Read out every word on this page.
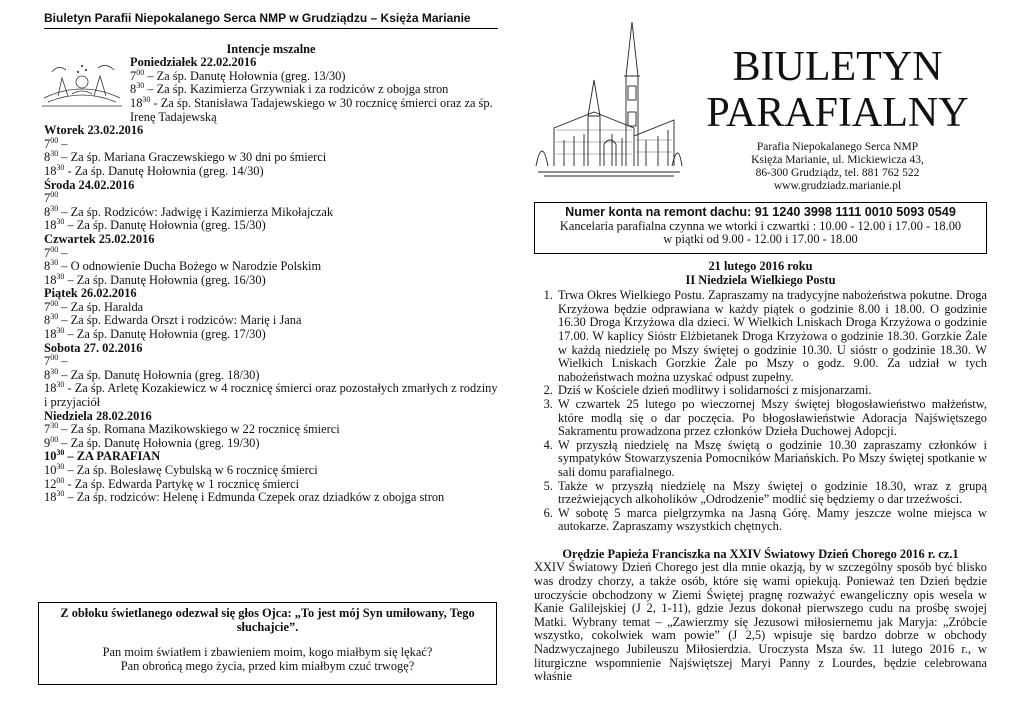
Biuletyn Parafii Niepokalanego Serca NMP w Grudziądzu – Księża Marianie
Intencje mszalne
Poniedziałek 22.02.2016
$7^{00}$ – Za śp. Danutę Hołownia (greg. 13/30)
$8^{30}$ – Za śp. Kazimierza Grzywniak i za rodziców z obojga stron
$18^{30}$ - Za śp. Stanisława Tadajewskiego w 30 rocznicę śmierci oraz za śp. Irenę Tadajewską
Wtorek 23.02.2016
$7^{00}$ –
$8^{30}$ – Za śp. Mariana Graczewskiego w 30 dni po śmierci
$18^{30}$ - Za śp. Danutę Hołownia (greg. 14/30)
Środa 24.02.2016
$7^{00}$
$8^{30}$ – Za śp. Rodziców: Jadwigę i Kazimierza Mikołajczak
$18^{30}$ – Za śp. Danutę Hołownia (greg. 15/30)
Czwartek 25.02.2016
$7^{00}$ –
$8^{30}$ – O odnowienie Ducha Bożego w Narodzie Polskim
$18^{30}$ – Za śp. Danutę Hołownia (greg. 16/30)
Piątek 26.02.2016
$7^{00}$ – Za śp. Haralda
$8^{30}$ – Za śp. Edwarda Orszt i rodziców: Marię i Jana
$18^{30}$ – Za śp. Danutę Hołownia (greg. 17/30)
Sobota 27. 02.2016
$7^{00}$ –
$8^{30}$ – Za śp. Danutę Hołownia (greg. 18/30)
$18^{30}$ - Za śp. Arletę Kozakiewicz w 4 rocznicę śmierci oraz pozostałych zmarłych z rodziny i przyjaciół
Niedziela 28.02.2016
$7^{30}$ – Za śp. Romana Mazikowskiego w 22 rocznicę śmierci
$9^{00}$ – Za śp. Danutę Hołownia (greg. 19/30)
$10^{30}$ – ZA PARAFIAN
$10^{30}$ – Za śp. Bolesławę Cybulską w 6 rocznicę śmierci
$12^{00}$ - Za śp. Edwarda Partykę w 1 rocznicę śmierci
$18^{30}$ – Za śp. rodziców: Helenę i Edmunda Czepek oraz dziadków z obojga stron
Z obłoku świetlanego odezwał się głos Ojca: „To jest mój Syn umiłowany, Tego słuchajcie”.
Pan moim światłem i zbawieniem moim, kogo miałbym się lękać?
Pan obrońcą mego życia, przed kim miałbym czuć trwogę?
BIULETYN
PARAFIALNY
Parafia Niepokalanego Serca NMP
Księża Marianie, ul. Mickiewicza 43,
86-300 Grudziądz, tel. 881 762 522
www.grudziadz.marianie.pl
Numer konta na remont dachu: 91 1240 3998 1111 0010 5093 0549
Kancelaria parafialna czynna we wtorki i czwartki : 10.00 - 12.00 i 17.00 - 18.00
w piątki od 9.00 - 12.00 i 17.00 - 18.00
21 lutego 2016 roku
II Niedziela Wielkiego Postu
1. Trwa Okres Wielkiego Postu. Zapraszamy na tradycyjne nabożeństwa pokutne. Droga Krzyżowa będzie odprawiana w każdy piątek o godzinie 8.00 i 18.00. O godzinie 16.30 Droga Krzyżowa dla dzieci. W Wielkich Lniskach Droga Krzyżowa o godzinie 17.00. W kaplicy Sióstr Elżbietanek Droga Krzyżowa o godzinie 18.30. Gorzkie Żale w każdą niedzielę po Mszy świętej o godzinie 10.30. U sióstr o godzinie 18.30. W Wielkich Lniskach Gorzkie Żale po Mszy o godz. 9.00. Za udział w tych nabożeństwach można uzyskać odpust zupełny.
2. Dziś w Kościele dzień modlitwy i solidarności z misjonarzami.
3. W czwartek 25 lutego po wieczornej Mszy świętej błogosławieństwo małżeństw, które modlą się o dar poczęcia. Po błogosławieństwie Adoracja Najświętszego Sakramentu prowadzona przez członków Dzieła Duchowej Adopcji.
4. W przyszłą niedzielę na Mszę świętą o godzinie 10.30 zapraszamy członków i sympatyków Stowarzyszenia Pomocników Mariańskich. Po Mszy świętej spotkanie w sali domu parafialnego.
5. Także w przyszłą niedzielę na Mszy świętej o godzinie 18.30, wraz z grupą trzeźwiejących alkoholików „Odrodzenie” modlić się będziemy o dar trzeźwości.
6. W sobotę 5 marca pielgrzymka na Jasną Górę. Mamy jeszcze wolne miejsca w autokarze. Zapraszamy wszystkich chętnych.
Orędzie Papieża Franciszka na XXIV Światowy Dzień Chorego 2016 r. cz.1
XXIV Światowy Dzień Chorego jest dla mnie okazją, by w szczególny sposób być blisko was drodzy chorzy, a także osób, które się wami opiekują. Ponieważ ten Dzień będzie uroczyście obchodzony w Ziemi Świętej pragnę rozważyć ewangeliczny opis wesela w Kanie Galilejskiej (J 2, 1-11), gdzie Jezus dokonał pierwszego cudu na prośbę swojej Matki. Wybrany temat – „Zawierzmy się Jezusowi miłosiernemu jak Maryja: „Zróbcie wszystko, cokolwiek wam powie” (J 2,5) wpisuje się bardzo dobrze w obchody Nadzwyczajnego Jubileuszu Miłosierdzia. Uroczysta Msza św. 11 lutego 2016 r., w liturgiczne wspomnienie Najświętszej Maryi Panny z Lourdes, będzie celebrowana właśnie
